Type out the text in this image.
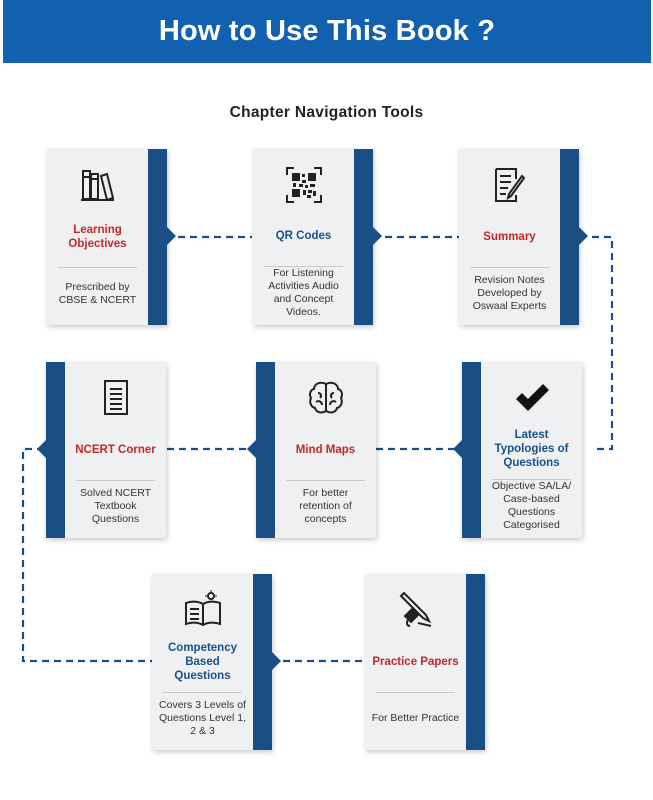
How to Use This Book ?
Chapter Navigation Tools
Learning Objectives
Prescribed by CBSE & NCERT
QR Codes
For Listening Activities Audio and Concept Videos.
Summary
Revision Notes Developed by Oswaal Experts
NCERT Corner
Solved NCERT Textbook Questions
Mind Maps
For better retention of concepts
Latest Typologies of Questions
Objective SA/LA/ Case-based Questions Categorised
Competency Based Questions
Covers 3 Levels of Questions Level 1, 2 & 3
Practice Papers
For Better Practice
